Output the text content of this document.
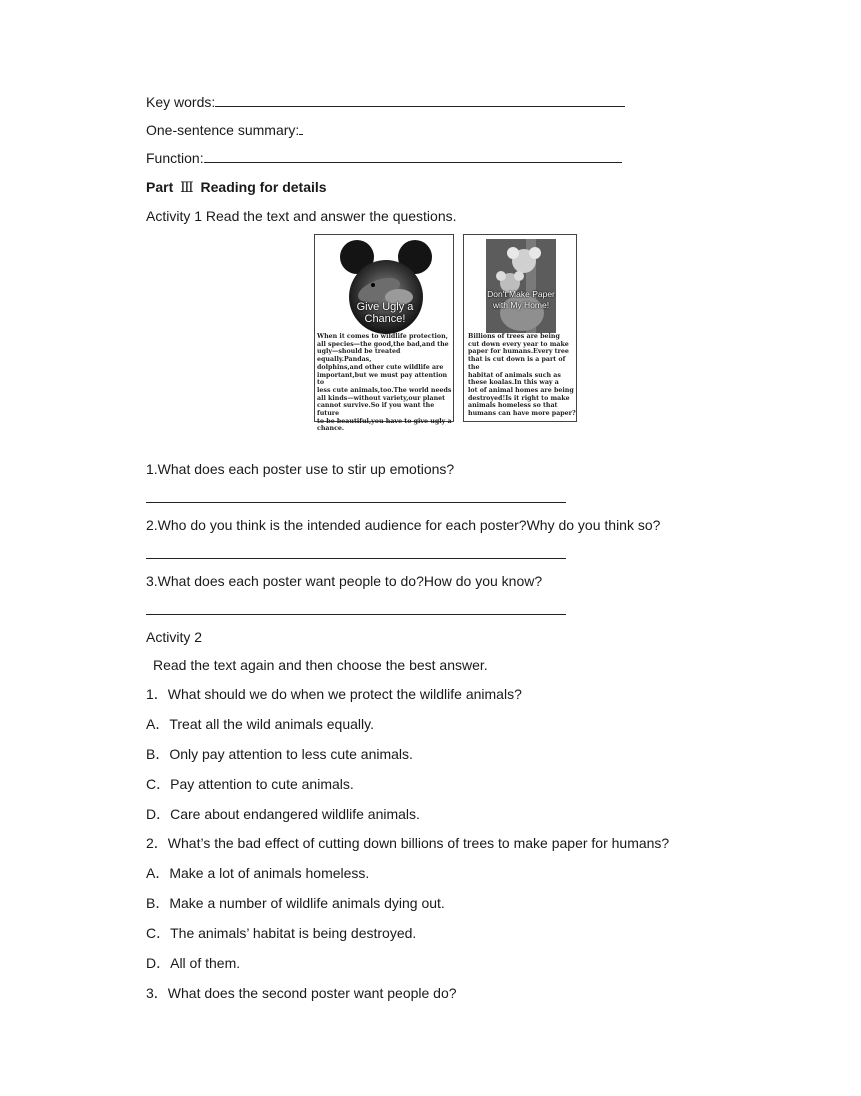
Key words:
One-sentence summary:
Function:
Part Ⅲ Reading for details
Activity 1 Read the text and answer the questions.
Give Ugly a Chance!
When it comes to wildlife protection,
all species—the good,the bad,and the
ugly—should be treated equally.Pandas,
dolphins,and other cute wildlife are
important,but we must pay attention to
less cute animals,too.The world needs
all kinds—without variety,our planet
cannot survive.So if you want the future
to be beautiful,you have to give ugly a
chance.
Don't Make Paper with My Home!
Billions of trees are being
cut down every year to make
paper for humans.Every tree
that is cut down is a part of the
habitat of animals such as
these koalas.In this way a
lot of animal homes are being
destroyed!Is it right to make
animals homeless so that
humans can have more paper?
1.What does each poster use to stir up emotions?
2.Who do you think is the intended audience for each poster?Why do you think so?
3.What does each poster want people to do?How do you know?
Activity 2
Read the text again and then choose the best answer.
1．What should we do when we protect the wildlife animals?
A．Treat all the wild animals equally.
B．Only pay attention to less cute animals.
C．Pay attention to cute animals.
D．Care about endangered wildlife animals.
2．What’s the bad effect of cutting down billions of trees to make paper for humans?
A．Make a lot of animals homeless.
B．Make a number of wildlife animals dying out.
C．The animals’ habitat is being destroyed.
D．All of them.
3．What does the second poster want people do?
